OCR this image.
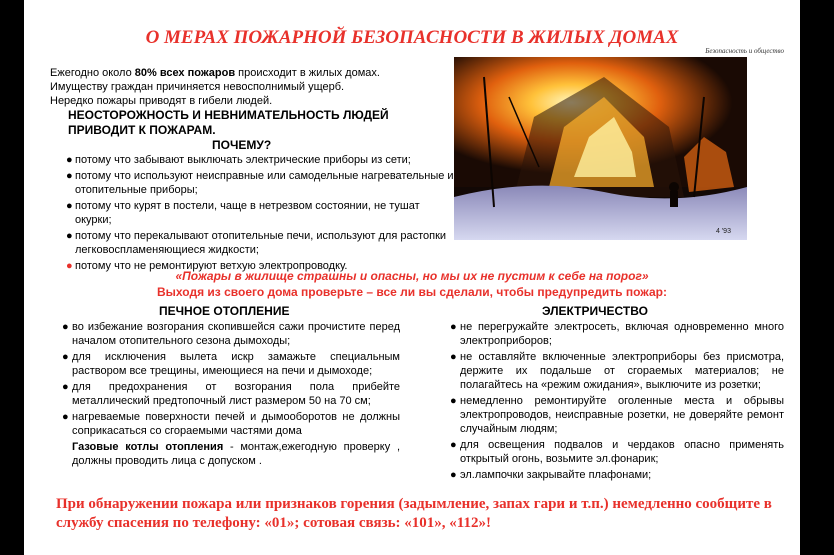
О МЕРАХ ПОЖАРНОЙ БЕЗОПАСНОСТИ В ЖИЛЫХ ДОМАХ
Безопасность и общество
4 '93
Ежегодно около 80% всех пожаров происходит в жилых домах.
Имуществу граждан причиняется невосполнимый ущерб.
Нередко пожары приводят в гибели людей.
НЕОСТОРОЖНОСТЬ И НЕВНИМАТЕЛЬНОСТЬ ЛЮДЕЙ
ПРИВОДИТ К ПОЖАРАМ.
ПОЧЕМУ?
● потому что забывают выключать электрические приборы из сети;
● потому что используют неисправные или самодельные нагревательные и отопительные приборы;
● потому что курят в постели, чаще в нетрезвом состоянии, не тушат окурки;
● потому что перекалывают отопительные печи, используют для растопки легковоспламеняющиеся жидкости;
● потому что не ремонтируют ветхую электропроводку.
«Пожары в жилище страшны и опасны, но мы их не пустим к себе на порог»
Выходя из своего дома проверьте – все ли вы сделали, чтобы предупредить пожар:
ПЕЧНОЕ ОТОПЛЕНИЕ	ЭЛЕКТРИЧЕСТВО
● во избежание возгорания скопившейся сажи прочистите перед началом отопительного сезона дымоходы;
● для исключения вылета искр замажьте специальным раствором все трещины, имеющиеся на печи и дымоходе;
● для предохранения от возгорания пола прибейте металлический предтопочный лист размером 50 на 70 см;
● нагреваемые поверхности печей и дымооборотов не должны соприкасаться со сгораемыми частями дома
Газовые котлы отопления - монтаж,ежегодную проверку , должны проводить лица с допуском .
● не перегружайте электросеть, включая одновременно много электроприборов;
● не оставляйте включенные электроприборы без присмотра, держите их подальше от сгораемых материалов; не полагайтесь на «режим ожидания», выключите из розетки;
● немедленно ремонтируйте оголенные места и обрывы электропроводов, неисправные розетки, не доверяйте ремонт случайным людям;
● для освещения подвалов и чердаков опасно применять открытый огонь, возьмите эл.фонарик;
● эл.лампочки закрывайте плафонами;
При обнаружении пожара или признаков горения (задымление, запах гари и т.п.) немедленно сообщите в службу спасения по телефону: «01»; сотовая связь: «101», «112»!
